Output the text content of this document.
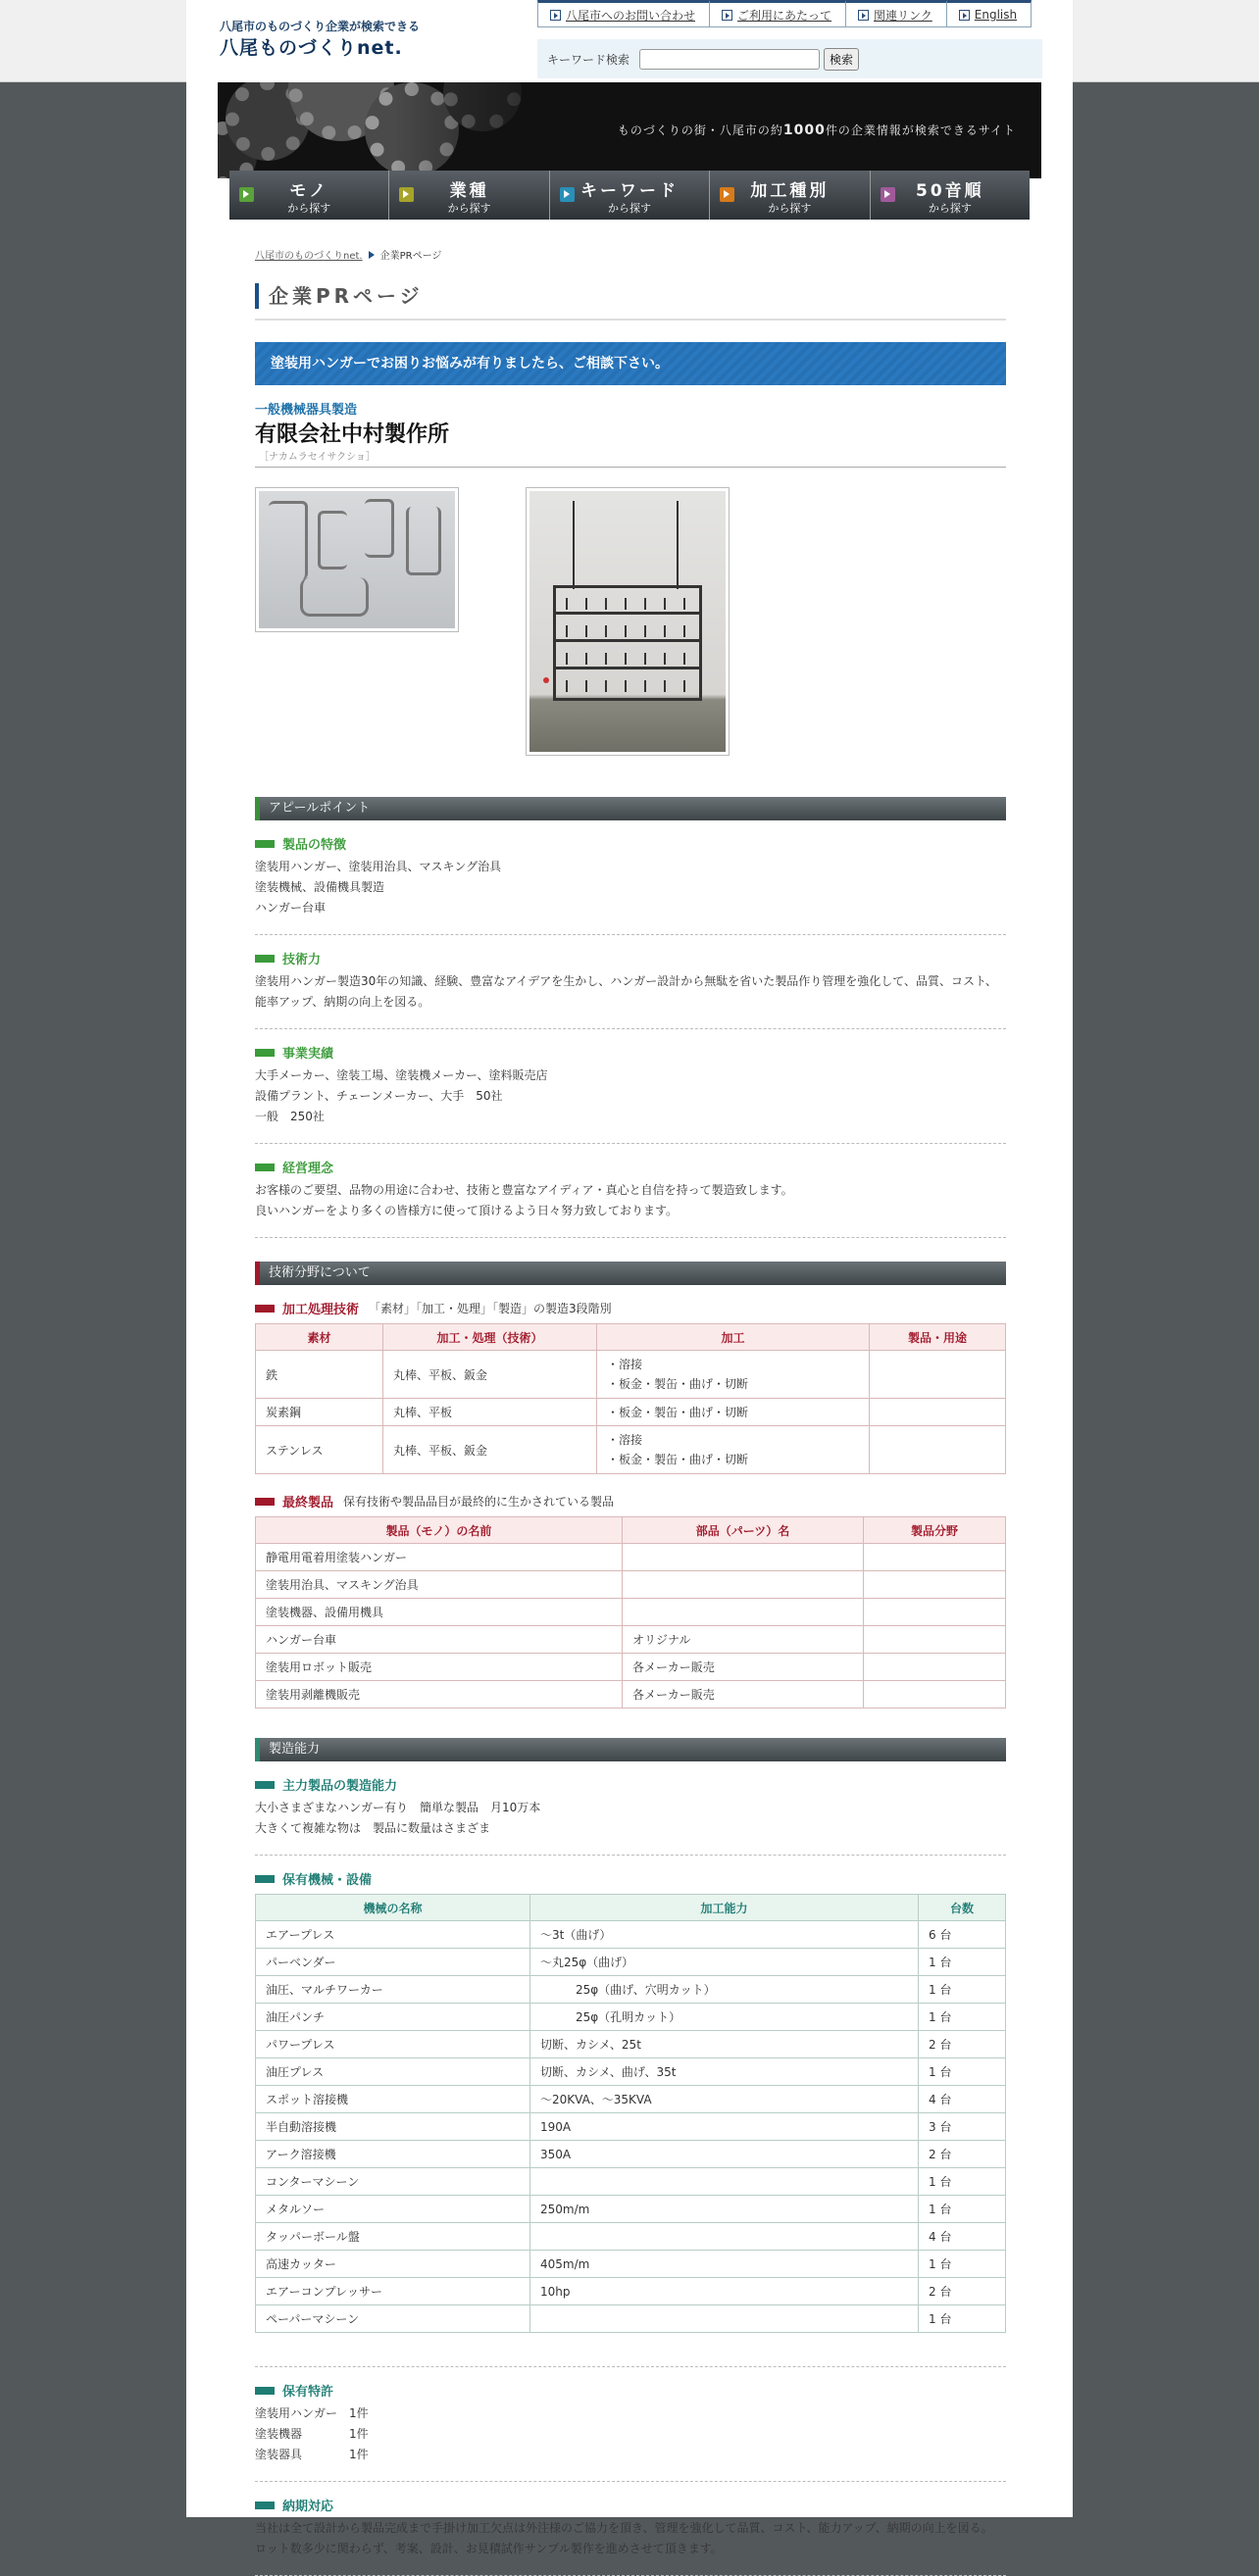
八尾市のものづくり企業が検索できる
八尾ものづくりnet.
八尾市へのお問い合わせ	ご利用にあたって	関連リンク	English
キーワード検索	検索
ものづくりの街・八尾市の約1000件の企業情報が検索できるサイト
モノ
から探す
業種
から探す
キーワード
から探す
加工種別
から探す
50音順
から探す
八尾市のものづくりnet. 企業PRページ
企業PRページ
塗装用ハンガーでお困りお悩みが有りましたら、ご相談下さい。
一般機械器具製造
有限会社中村製作所
［ナカムラセイサクショ］
アピールポイント
製品の特徴
塗装用ハンガー、塗装用治具、マスキング治具
塗装機械、設備機具製造
ハンガー台車
技術力
塗装用ハンガー製造30年の知識、経験、豊富なアイデアを生かし、ハンガー設計から無駄を省いた製品作り管理を強化して、品質、コスト、
能率アップ、納期の向上を図る。
事業実績
大手メーカー、塗装工場、塗装機メーカー、塗料販売店
設備プラント、チェーンメーカー、大手　50社
一般　250社
経営理念
お客様のご要望、品物の用途に合わせ、技術と豊富なアイディア・真心と自信を持って製造致します。
良いハンガーをより多くの皆様方に使って頂けるよう日々努力致しております。
技術分野について
加工処理技術 「素材」「加工・処理」「製造」の製造3段階別
素材	加工・処理（技術）	加工	製品・用途
鉄	丸棒、平板、鈑金	・溶接
・板金・製缶・曲げ・切断	
炭素鋼	丸棒、平板	・板金・製缶・曲げ・切断	
ステンレス	丸棒、平板、鈑金	・溶接
・板金・製缶・曲げ・切断	
最終製品 保有技術や製品品目が最終的に生かされている製品
製品（モノ）の名前	部品（パーツ）名	製品分野
静電用電着用塗装ハンガー		
塗装用治具、マスキング治具		
塗装機器、設備用機具		
ハンガー台車	オリジナル	
塗装用ロボット販売	各メーカー販売	
塗装用剥離機販売	各メーカー販売	
製造能力
主力製品の製造能力
大小さまざまなハンガー有り　簡単な製品　月10万本
大きくて複雑な物は　製品に数量はさまざま
保有機械・設備
機械の名称	加工能力	台数
エアープレス	～3t（曲げ）	6 台
パーベンダー	～丸25φ（曲げ）	1 台
油圧、マルチワーカー	　　　25φ（曲げ、穴明カット）	1 台
油圧パンチ	　　　25φ（孔明カット）	1 台
パワープレス	切断、カシメ、25t	2 台
油圧プレス	切断、カシメ、曲げ、35t	1 台
スポット溶接機	～20KVA、～35KVA	4 台
半自動溶接機	190A	3 台
アーク溶接機	350A	2 台
コンターマシーン		1 台
メタルソー	250m/m	1 台
タッパーボール盤		4 台
高速カッター	405m/m	1 台
エアーコンプレッサー	10hp	2 台
ペーパーマシーン		1 台
保有特許
塗装用ハンガー　1件
塗装機器　　　　1件
塗装器具　　　　1件
納期対応
当社は全て設計から製品完成まで手掛け加工欠点は外注様のご協力を頂き、管理を強化して品質、コスト、能力アップ、納期の向上を図る。
ロット数多少に関わらず、考案、設計、お見積試作サンプル製作を進めさせて頂きます。
